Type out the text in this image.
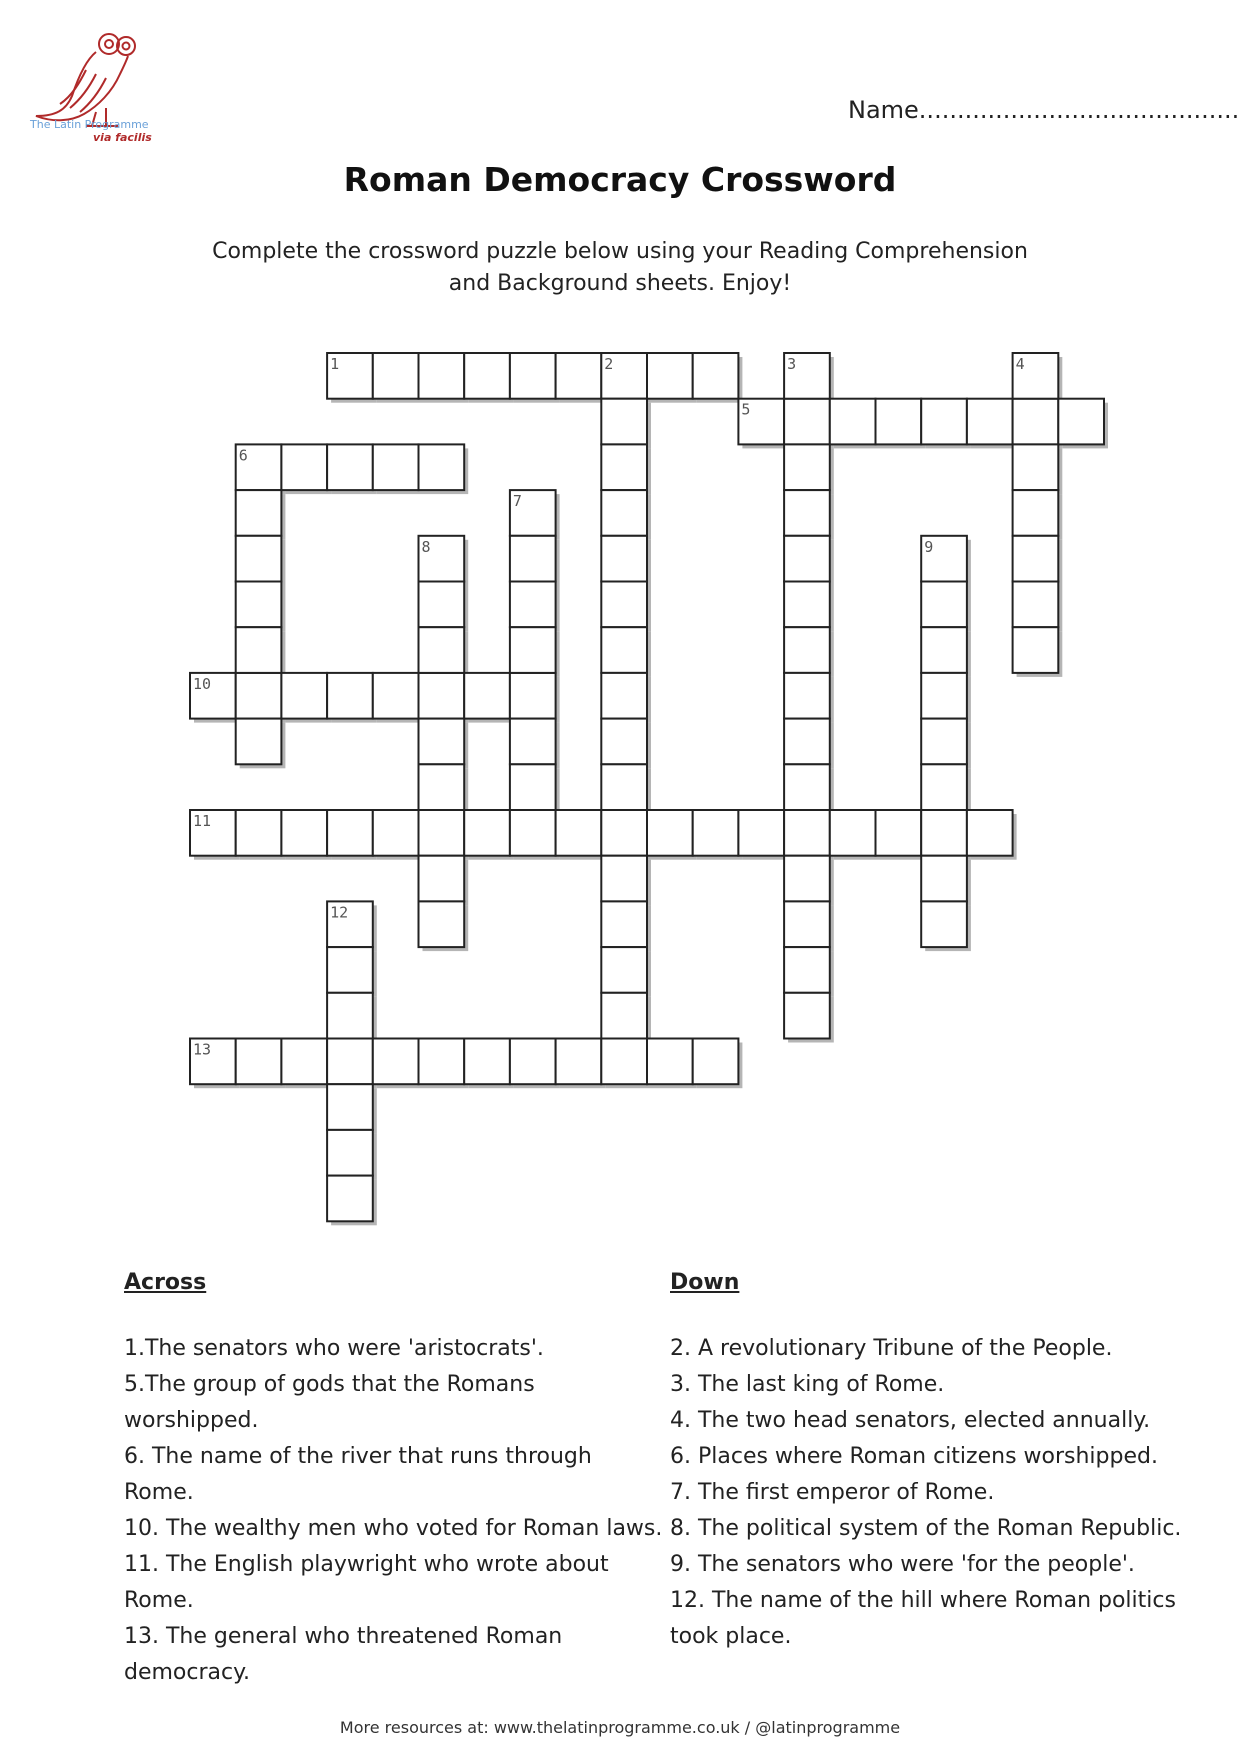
The Latin Programme
via facilis
Name..........................................
Roman Democracy Crossword
Complete the crossword puzzle below using your Reading Comprehension and Background sheets. Enjoy!
1
5
6
10
11
13
2	3	4
7
8	9
12
Across
1.The senators who were 'aristocrats'.
5.The group of gods that the Romans worshipped.
6. The name of the river that runs through Rome.
10. The wealthy men who voted for Roman laws.
11. The English playwright who wrote about Rome.
13. The general who threatened Roman democracy.
Down
2. A revolutionary Tribune of the People.
3. The last king of Rome.
4. The two head senators, elected annually.
6. Places where Roman citizens worshipped.
7. The first emperor of Rome.
8. The political system of the Roman Republic.
9. The senators who were 'for the people'.
12. The name of the hill where Roman politics took place.
More resources at: www.thelatinprogramme.co.uk / @latinprogramme
